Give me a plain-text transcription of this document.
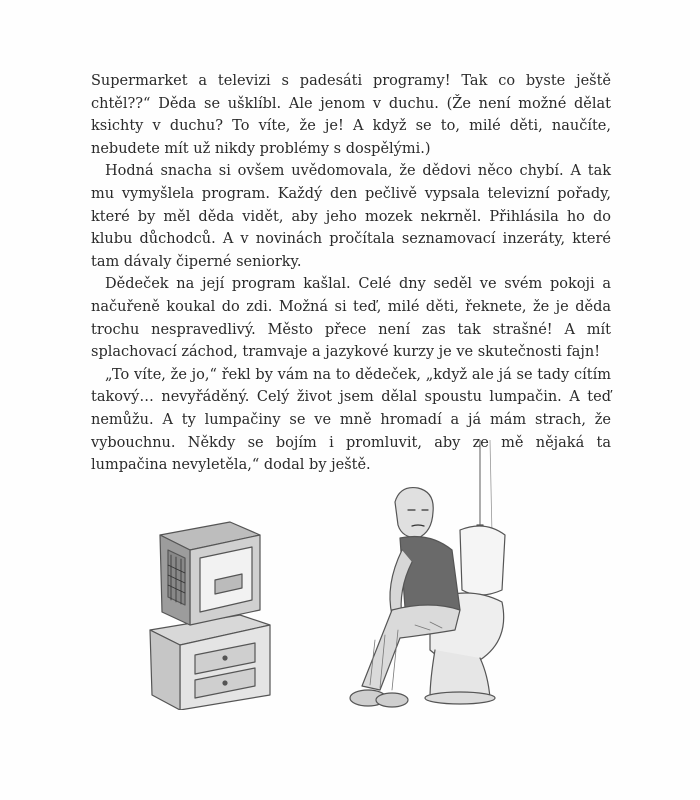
Supermarket a televizi s padesáti programy! Tak co byste ještě chtěl??“ Děda se ušklíbl. Ale jenom v duchu. (Že není možné dělat ksichty v duchu? To víte, že je! A když se to, milé děti, naučíte, nebudete mít už nikdy problémy s dospělými.)

Hodná snacha si ovšem uvědomovala, že dědovi něco chybí. A tak mu vymyšlela program. Každý den pečlivě vypsala televizní pořady, které by měl děda vidět, aby jeho mozek nekrněl. Přihlásila ho do klubu důchodců. A v novinách pročítala seznamovací inzeráty, které tam dávaly čiperné seniorky.

Dědeček na její program kašlal. Celé dny seděl ve svém pokoji a načuřeně koukal do zdi. Možná si teď, milé děti, řeknete, že je děda trochu nespravedlivý. Město přece není zas tak strašné! A mít splachovací záchod, tramvaje a jazykové kurzy je ve skutečnosti fajn!

„To víte, že jo,“ řekl by vám na to dědeček, „když ale já se tady cítím takový… nevyřáděný. Celý život jsem dělal spoustu lumpačin. A teď nemůžu. A ty lumpačiny se ve mně hromadí a já mám strach, že vybouchnu. Někdy se bojím i promluvit, aby ze mě nějaká ta lumpačina nevyletěla,“ dodal by ještě.
